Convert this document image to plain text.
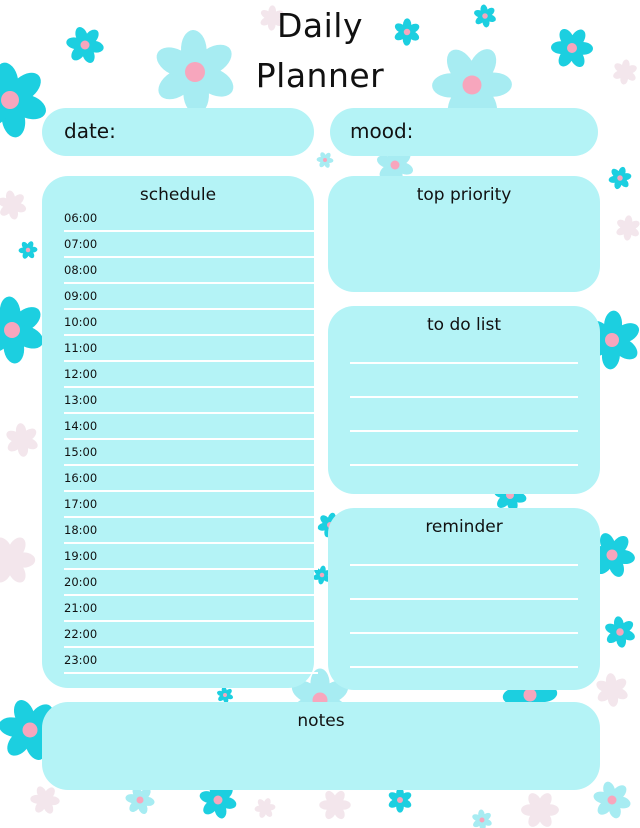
Daily
Planner
date:	mood:
schedule
06:00
07:00
08:00
09:00
10:00
11:00
12:00
13:00
14:00
15:00
16:00
17:00
18:00
19:00
20:00
21:00
22:00
23:00
top priority
to do list
reminder
notes
